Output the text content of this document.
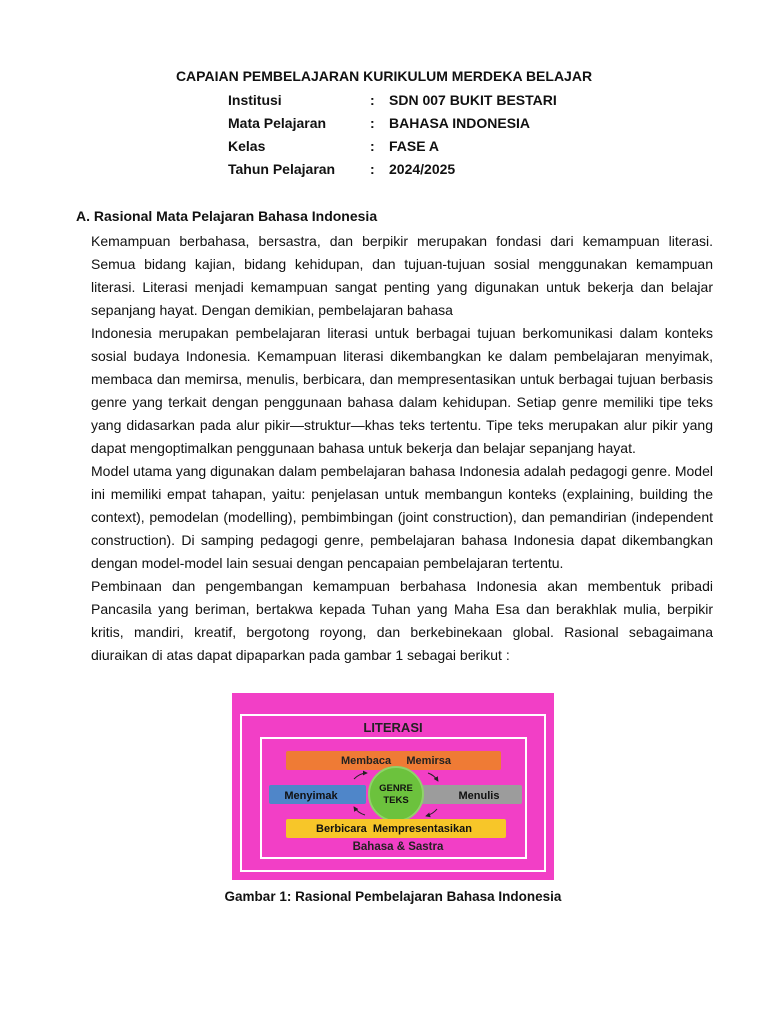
CAPAIAN PEMBELAJARAN KURIKULUM MERDEKA BELAJAR
Institusi	:	SDN 007 BUKIT BESTARI
Mata Pelajaran	:	BAHASA INDONESIA
Kelas	:	FASE A
Tahun Pelajaran	:	2024/2025
A. Rasional Mata Pelajaran Bahasa Indonesia

Kemampuan berbahasa, bersastra, dan berpikir merupakan fondasi dari kemampuan literasi. Semua bidang kajian, bidang kehidupan, dan tujuan-tujuan sosial menggunakan kemampuan literasi. Literasi menjadi kemampuan sangat penting yang digunakan untuk bekerja dan belajar sepanjang hayat. Dengan demikian, pembelajaran bahasa

Indonesia merupakan pembelajaran literasi untuk berbagai tujuan berkomunikasi dalam konteks sosial budaya Indonesia. Kemampuan literasi dikembangkan ke dalam pembelajaran menyimak, membaca dan memirsa, menulis, berbicara, dan mempresentasikan untuk berbagai tujuan berbasis genre yang terkait dengan penggunaan bahasa dalam kehidupan. Setiap genre memiliki tipe teks yang didasarkan pada alur pikir—struktur—khas teks tertentu. Tipe teks merupakan alur pikir yang dapat mengoptimalkan penggunaan bahasa untuk bekerja dan belajar sepanjang hayat.

Model utama yang digunakan dalam pembelajaran bahasa Indonesia adalah pedagogi genre. Model ini memiliki empat tahapan, yaitu: penjelasan untuk membangun konteks (explaining, building the context), pemodelan (modelling), pembimbingan (joint construction), dan pemandirian (independent construction). Di samping pedagogi genre, pembelajaran bahasa Indonesia dapat dikembangkan dengan model-model lain sesuai dengan pencapaian pembelajaran tertentu.

Pembinaan dan pengembangan kemampuan berbahasa Indonesia akan membentuk pribadi Pancasila yang beriman, bertakwa kepada Tuhan yang Maha Esa dan berakhlak mulia, berpikir kritis, mandiri, kreatif, bergotong royong, dan berkebinekaan global. Rasional sebagaimana diuraikan di atas dapat dipaparkan pada gambar 1 sebagai berikut :

LITERASI
Membaca     Memirsa
Menyimak	Menulis
GENRE
TEKS
Berbicara  Mempresentasikan
Bahasa & Sastra
Gambar 1: Rasional Pembelajaran Bahasa Indonesia
